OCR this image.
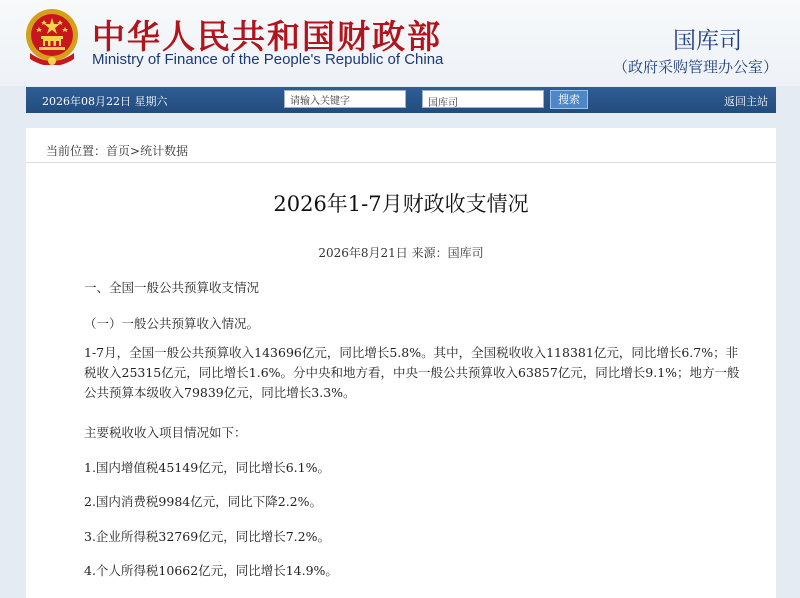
中华人民共和国财政部
Ministry of Finance of the People's Republic of China
国库司
（政府采购管理办公室）
2026年08月22日 星期六
请输入关键字	国库司	搜索	返回主站
当前位置：首页>统计数据
2026年1-7月财政收支情况
2026年8月21日 来源：国库司
一、全国一般公共预算收支情况
（一）一般公共预算收入情况。
1-7月，全国一般公共预算收入143696亿元，同比增长5.8%。其中，全国税收收入118381亿元，同比增长6.7%；非税收入25315亿元，同比增长1.6%。分中央和地方看，中央一般公共预算收入63857亿元，同比增长9.1%；地方一般公共预算本级收入79839亿元，同比增长3.3%。
主要税收收入项目情况如下：
1.国内增值税45149亿元，同比增长6.1%。
2.国内消费税9984亿元，同比下降2.2%。
3.企业所得税32769亿元，同比增长7.2%。
4.个人所得税10662亿元，同比增长14.9%。
